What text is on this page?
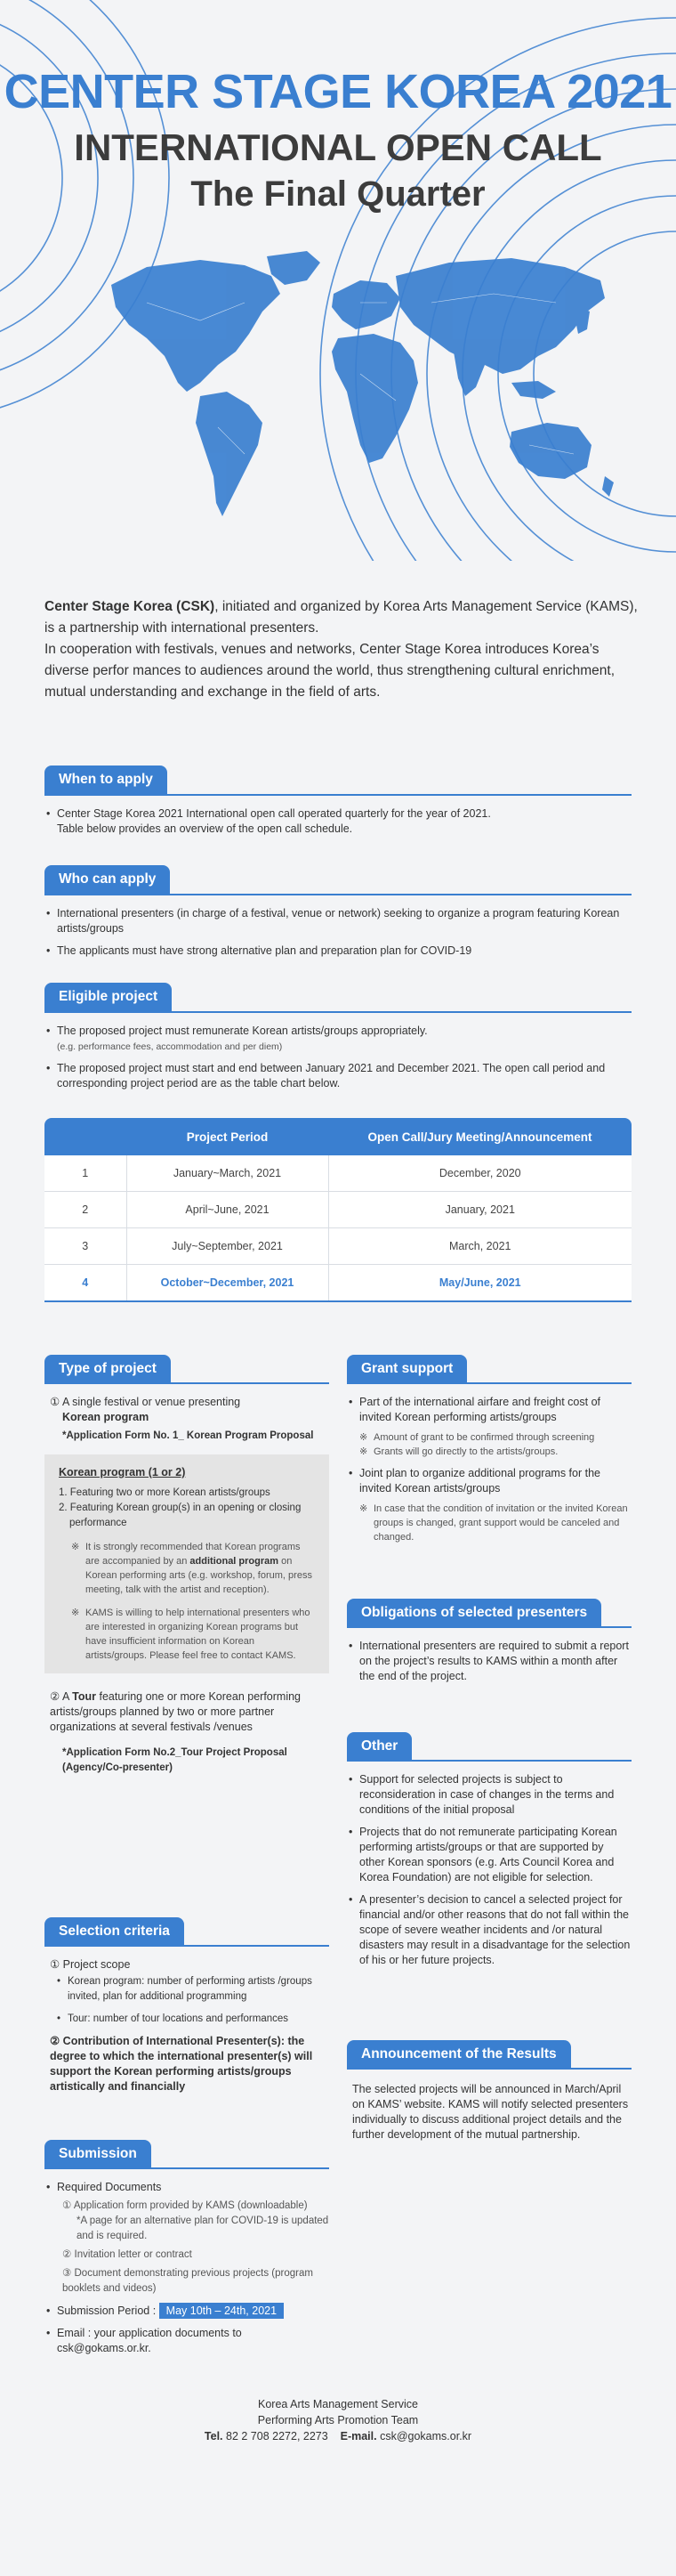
CENTER STAGE KOREA 2021
INTERNATIONAL OPEN CALL
The Final Quarter
Center Stage Korea (CSK), initiated and organized by Korea Arts Management Service (KAMS), is a partnership with international presenters.
In cooperation with festivals, venues and networks, Center Stage Korea introduces Korea’s diverse perfor mances to audiences around the world, thus strengthening cultural enrichment, mutual understanding and exchange in the field of arts.
When to apply
• Center Stage Korea 2021 International open call operated quarterly for the year of 2021.
Table below provides an overview of the open call schedule.
Who can apply
• International presenters (in charge of a festival, venue or network) seeking to organize a program featuring Korean artists/groups
• The applicants must have strong alternative plan and preparation plan for COVID-19
Eligible project
• The proposed project must remunerate Korean artists/groups appropriately.
(e.g. performance fees, accommodation and per diem)
• The proposed project must start and end between January 2021 and December 2021. The open call period and corresponding project period are as the table chart below.
	Project Period	Open Call/Jury Meeting/Announcement
1	January~March, 2021	December, 2020
2	April~June, 2021	January, 2021
3	July~September, 2021	March, 2021
4	October~December, 2021	May/June, 2021
Type of project
① A single festival or venue presenting
Korean program
*Application Form No. 1_ Korean Program Proposal
Korean program (1 or 2)
1. Featuring two or more Korean artists/groups
2. Featuring Korean group(s) in an opening or closing performance
※ It is strongly recommended that Korean programs are accompanied by an additional program on Korean performing arts (e.g. workshop, forum, press meeting, talk with the artist and reception).
※ KAMS is willing to help international presenters who are interested in organizing Korean programs but have insufficient information on Korean artists/groups. Please feel free to contact KAMS.
② A Tour featuring one or more Korean performing artists/groups planned by two or more partner organizations at several festivals /venues
*Application Form No.2_Tour Project Proposal (Agency/Co-presenter)
Selection criteria
① Project scope
• Korean program: number of performing artists /groups invited, plan for additional programming
• Tour: number of tour locations and performances
② Contribution of International Presenter(s): the degree to which the international presenter(s) will support the Korean performing artists/groups artistically and financially
Submission
• Required Documents
① Application form provided by KAMS (downloadable)
*A page for an alternative plan for COVID-19 is updated and is required.
② Invitation letter or contract
③ Document demonstrating previous projects (program booklets and videos)
• Submission Period : May 10th – 24th, 2021
• Email : your application documents to csk@gokams.or.kr.
Grant support
• Part of the international airfare and freight cost of invited Korean performing artists/groups
※ Amount of grant to be confirmed through screening
※ Grants will go directly to the artists/groups.
• Joint plan to organize additional programs for the invited Korean artists/groups
※ In case that the condition of invitation or the invited Korean groups is changed, grant support would be canceled and changed.
Obligations of selected presenters
• International presenters are required to submit a report on the project’s results to KAMS within a month after the end of the project.
Other
• Support for selected projects is subject to reconsideration in case of changes in the terms and conditions of the initial proposal
• Projects that do not remunerate participating Korean performing artists/groups or that are supported by other Korean sponsors (e.g. Arts Council Korea and Korea Foundation) are not eligible for selection.
• A presenter’s decision to cancel a selected project for financial and/or other reasons that do not fall within the scope of severe weather incidents and /or natural disasters may result in a disadvantage for the selection of his or her future projects.
Announcement of the Results
The selected projects will be announced in March/April on KAMS’ website. KAMS will notify selected presenters individually to discuss additional project details and the further development of the mutual partnership.
Korea Arts Management Service
Performing Arts Promotion Team
Tel. 82 2 708 2272, 2273 E-mail. csk@gokams.or.kr
